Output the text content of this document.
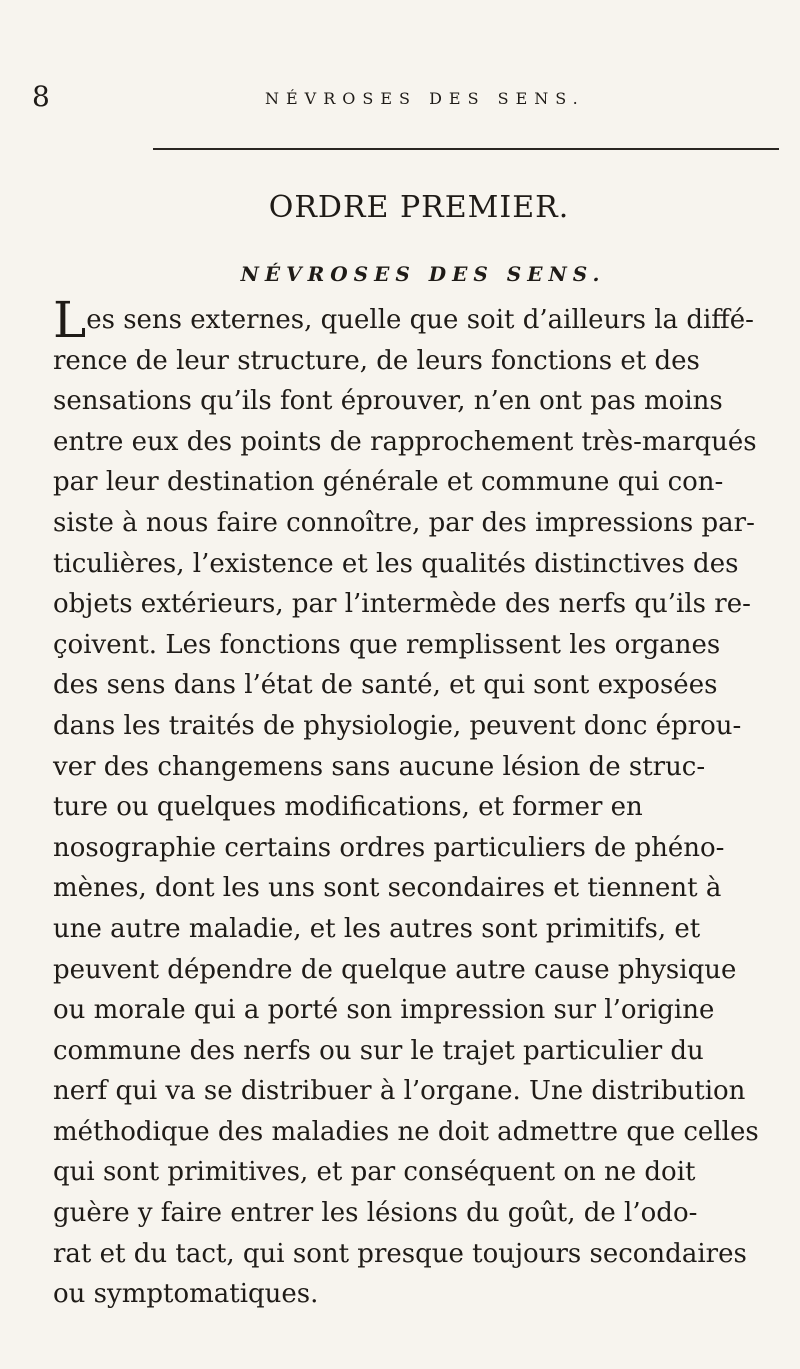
8	NÉVROSES DES SENS.
ORDRE PREMIER.
NÉVROSES DES SENS.
Les sens externes, quelle que soit d’ailleurs la diffé-
rence de leur structure, de leurs fonctions et des
sensations qu’ils font éprouver, n’en ont pas moins
entre eux des points de rapprochement très-marqués
par leur destination générale et commune qui con-
siste à nous faire connoître, par des impressions par-
ticulières, l’existence et les qualités distinctives des
objets extérieurs, par l’intermède des nerfs qu’ils re-
çoivent. Les fonctions que remplissent les organes
des sens dans l’état de santé, et qui sont exposées
dans les traités de physiologie, peuvent donc éprou-
ver des changemens sans aucune lésion de struc-
ture ou quelques modifications, et former en
nosographie certains ordres particuliers de phéno-
mènes, dont les uns sont secondaires et tiennent à
une autre maladie, et les autres sont primitifs, et
peuvent dépendre de quelque autre cause physique
ou morale qui a porté son impression sur l’origine
commune des nerfs ou sur le trajet particulier du
nerf qui va se distribuer à l’organe. Une distribution
méthodique des maladies ne doit admettre que celles
qui sont primitives, et par conséquent on ne doit
guère y faire entrer les lésions du goût, de l’odo-
rat et du tact, qui sont presque toujours secondaires
ou symptomatiques.
